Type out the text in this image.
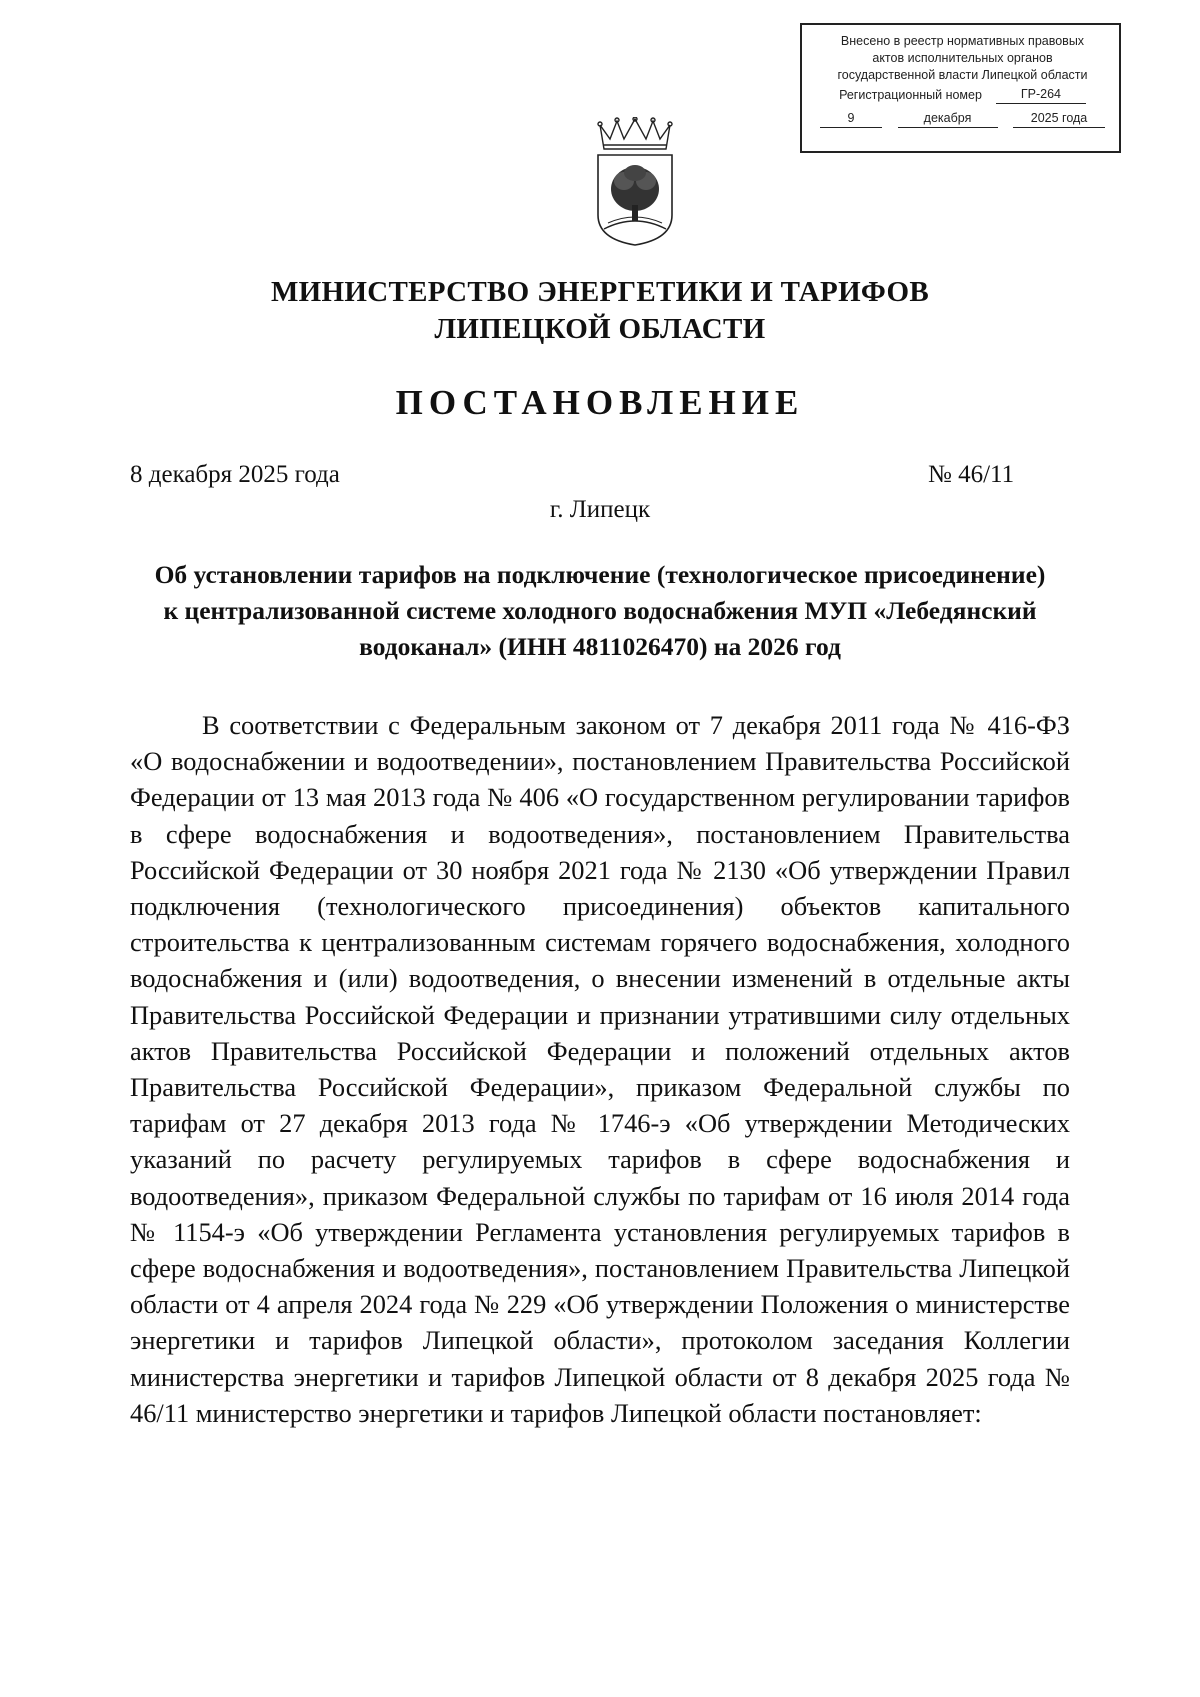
Внесено в реестр нормативных правовых
актов исполнительных органов
государственной власти Липецкой области
Регистрационный номер	ГР-264
9	декабря	2025 года
МИНИСТЕРСТВО ЭНЕРГЕТИКИ И ТАРИФОВ
ЛИПЕЦКОЙ ОБЛАСТИ
ПОСТАНОВЛЕНИЕ
8 декабря 2025 года	№ 46/11
г. Липецк
Об установлении тарифов на подключение (технологическое присоединение)
к централизованной системе холодного водоснабжения МУП «Лебедянский
водоканал» (ИНН 4811026470) на 2026 год

В соответствии с Федеральным законом от 7 декабря 2011 года № 416-ФЗ «О водоснабжении и водоотведении», постановлением Правительства Российской Федерации от 13 мая 2013 года № 406 «О государственном регулировании тарифов в сфере водоснабжения и водоотведения», постановлением Правительства Российской Федерации от 30 ноября 2021 года № 2130 «Об утверждении Правил подключения (технологического присоединения) объектов капитального строительства к централизованным системам горячего водоснабжения, холодного водоснабжения и (или) водоотведения, о внесении изменений в отдельные акты Правительства Российской Федерации и признании утратившими силу отдельных актов Правительства Российской Федерации и положений отдельных актов Правительства Российской Федерации», приказом Федеральной службы по тарифам от 27 декабря 2013 года № 1746-э «Об утверждении Методических указаний по расчету регулируемых тарифов в сфере водоснабжения и водоотведения», приказом Федеральной службы по тарифам от 16 июля 2014 года № 1154-э «Об утверждении Регламента установления регулируемых тарифов в сфере водоснабжения и водоотведения», постановлением Правительства Липецкой области от 4 апреля 2024 года № 229 «Об утверждении Положения о министерстве энергетики и тарифов Липецкой области», протоколом заседания Коллегии министерства энергетики и тарифов Липецкой области от 8 декабря 2025 года № 46/11 министерство энергетики и тарифов Липецкой области постановляет:
